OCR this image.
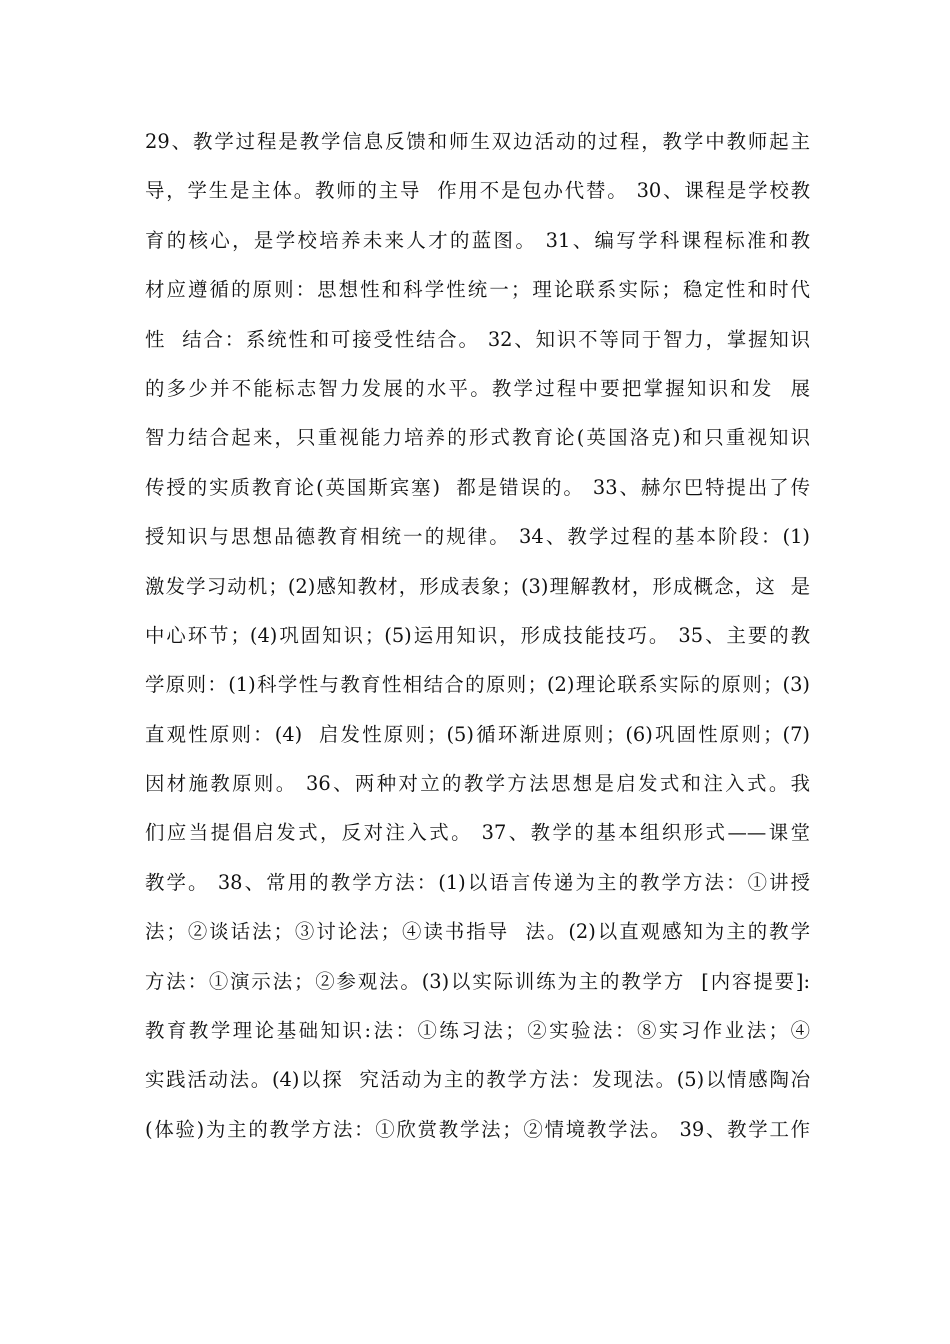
29、教学过程是教学信息反馈和师生双边活动的过程，教学中教师起主
导，学生是主体。教师的主导  作用不是包办代替。 30、课程是学校教
育的核心，是学校培养未来人才的蓝图。 31、编写学科课程标准和教
材应遵循的原则：思想性和科学性统一；理论联系实际；稳定性和时代
性  结合：系统性和可接受性结合。 32、知识不等同于智力，掌握知识
的多少并不能标志智力发展的水平。教学过程中要把掌握知识和发  展
智力结合起来，只重视能力培养的形式教育论(英国洛克)和只重视知识
传授的实质教育论(英国斯宾塞)  都是错误的。 33、赫尔巴特提出了传
授知识与思想品德教育相统一的规律。 34、教学过程的基本阶段：(1)
激发学习动机；(2)感知教材，形成表象；(3)理解教材，形成概念，这  是
中心环节；(4)巩固知识；(5)运用知识，形成技能技巧。 35、主要的教
学原则：(1)科学性与教育性相结合的原则；(2)理论联系实际的原则；(3)
直观性原则：(4)  启发性原则；(5)循环渐进原则；(6)巩固性原则；(7)
因材施教原则。 36、两种对立的教学方法思想是启发式和注入式。我
们应当提倡启发式，反对注入式。 37、教学的基本组织形式——课堂
教学。 38、常用的教学方法：(1)以语言传递为主的教学方法：①讲授
法；②谈话法；③讨论法；④读书指导  法。(2)以直观感知为主的教学
方法：①演示法；②参观法。(3)以实际训练为主的教学方  [内容提要]:
教育教学理论基础知识:法：①练习法；②实验法：⑧实习作业法；④
实践活动法。(4)以探  究活动为主的教学方法：发现法。(5)以情感陶冶
(体验)为主的教学方法：①欣赏教学法；②情境教学法。 39、教学工作
